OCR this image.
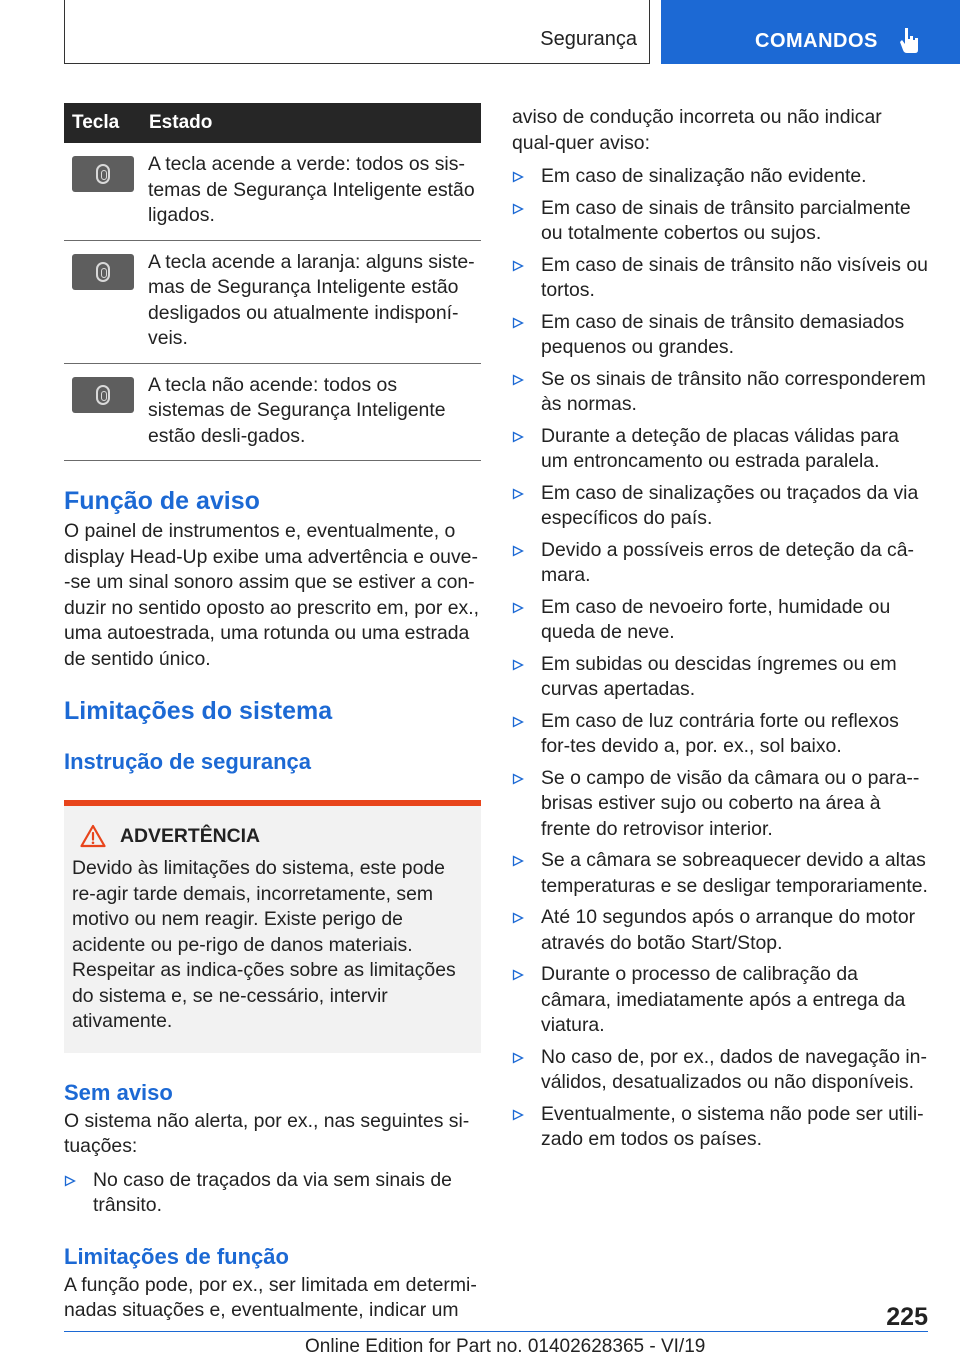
Segurança	COMANDOS
Tecla	Estado
A tecla acende a verde: todos os sis-temas de Segurança Inteligente estão ligados.
A tecla acende a laranja: alguns siste-mas de Segurança Inteligente estão desligados ou atualmente indisponí-veis.
A tecla não acende: todos os sistemas de Segurança Inteligente estão desli-gados.
Função de aviso

O painel de instrumentos e, eventualmente, o display Head-Up exibe uma advertência e ouve--se um sinal sonoro assim que se estiver a con-duzir no sentido oposto ao prescrito em, por ex., uma autoestrada, uma rotunda ou uma estrada de sentido único.

Limitações do sistema
Instrução de segurança
ADVERTÊNCIA

Devido às limitações do sistema, este pode re-agir tarde demais, incorretamente, sem motivo ou nem reagir. Existe perigo de acidente ou pe-rigo de danos materiais. Respeitar as indica-ções sobre as limitações do sistema e, se ne-cessário, intervir ativamente.

Sem aviso

O sistema não alerta, por ex., nas seguintes si-tuações:

No caso de traçados da via sem sinais de trânsito.
Limitações de função

A função pode, por ex., ser limitada em determi-nadas situações e, eventualmente, indicar um

aviso de condução incorreta ou não indicar qual-quer aviso:

Em caso de sinalização não evidente.
Em caso de sinais de trânsito parcialmente ou totalmente cobertos ou sujos.
Em caso de sinais de trânsito não visíveis ou tortos.
Em caso de sinais de trânsito demasiados pequenos ou grandes.
Se os sinais de trânsito não corresponderem às normas.
Durante a deteção de placas válidas para um entroncamento ou estrada paralela.
Em caso de sinalizações ou traçados da via específicos do país.
Devido a possíveis erros de deteção da câ-mara.
Em caso de nevoeiro forte, humidade ou queda de neve.
Em subidas ou descidas íngremes ou em curvas apertadas.
Em caso de luz contrária forte ou reflexos for-tes devido a, por. ex., sol baixo.
Se o campo de visão da câmara ou o para--brisas estiver sujo ou coberto na área à frente do retrovisor interior.
Se a câmara se sobreaquecer devido a altas temperaturas e se desligar temporariamente.
Até 10 segundos após o arranque do motor através do botão Start/Stop.
Durante o processo de calibração da câmara, imediatamente após a entrega da viatura.
No caso de, por ex., dados de navegação in-válidos, desatualizados ou não disponíveis.
Eventualmente, o sistema não pode ser utili-zado em todos os países.
225
Online Edition for Part no. 01402628365 - VI/19
